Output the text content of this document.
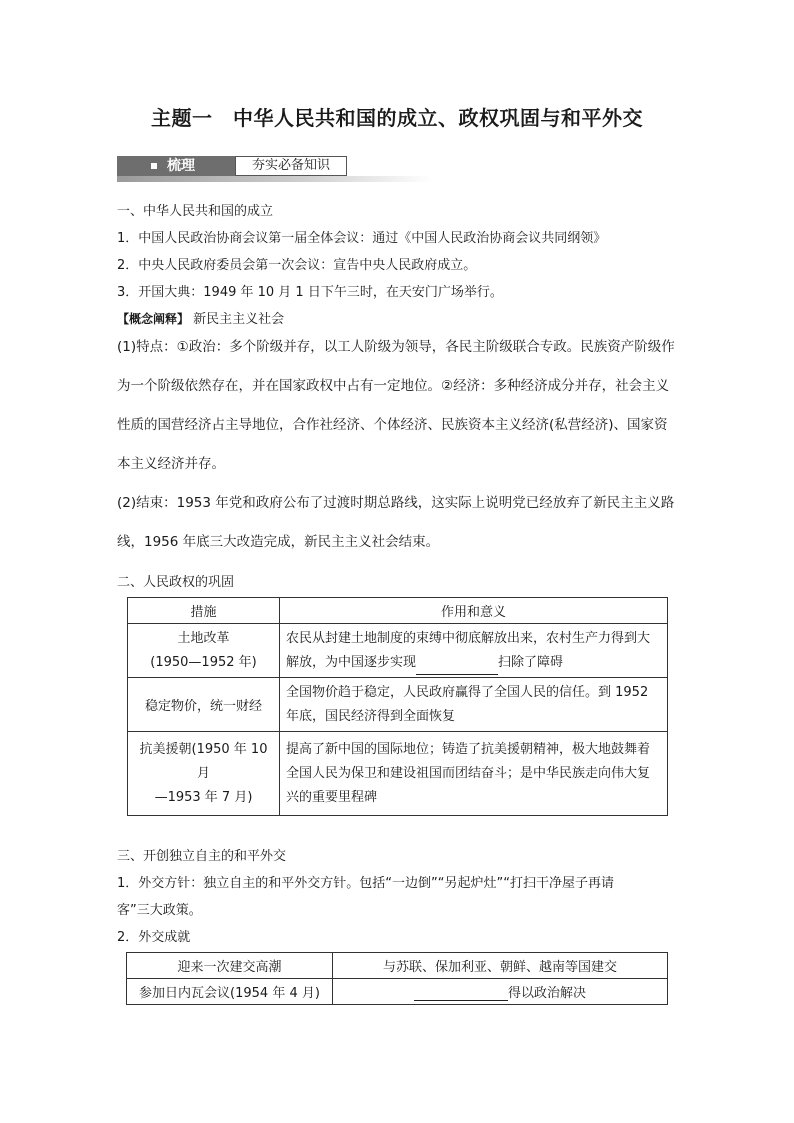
主题一　中华人民共和国的成立、政权巩固与和平外交
梳理	夯实必备知识
一、中华人民共和国的成立
1．中国人民政治协商会议第一届全体会议：通过《中国人民政治协商会议共同纲领》
2．中央人民政府委员会第一次会议：宣告中央人民政府成立。
3．开国大典：1949 年 10 月 1 日下午三时，在天安门广场举行。
【概念阐释】 新民主主义社会

(1)特点：①政治：多个阶级并存，以工人阶级为领导，各民主阶级联合专政。民族资产阶级作为一个阶级依然存在，并在国家政权中占有一定地位。②经济：多种经济成分并存，社会主义性质的国营经济占主导地位，合作社经济、个体经济、民族资本主义经济(私营经济)、国家资本主义经济并存。

(2)结束：1953 年党和政府公布了过渡时期总路线，这实际上说明党已经放弃了新民主主义路线，1956 年底三大改造完成，新民主主义社会结束。

二、人民政权的巩固
措施	作用和意义

土地改革
(1950—1952 年)	农民从封建土地制度的束缚中彻底解放出来，农村生产力得到大解放，为中国逐步实现 扫除了障碍
稳定物价，统一财经	全国物价趋于稳定，人民政府赢得了全国人民的信任。到 1952 年底，国民经济得到全面恢复

抗美援朝(1950 年 10 月
—1953 年 7 月)	提高了新中国的国际地位；铸造了抗美援朝精神，极大地鼓舞着全国人民为保卫和建设祖国而团结奋斗；是中华民族走向伟大复兴的重要里程碑
三、开创独立自主的和平外交
1．外交方针：独立自主的和平外交方针。包括“一边倒”“另起炉灶”“打扫干净屋子再请
客”三大政策。
2．外交成就
迎来一次建交高潮	与苏联、保加利亚、朝鲜、越南等国建交
参加日内瓦会议(1954 年 4 月)	得以政治解决
